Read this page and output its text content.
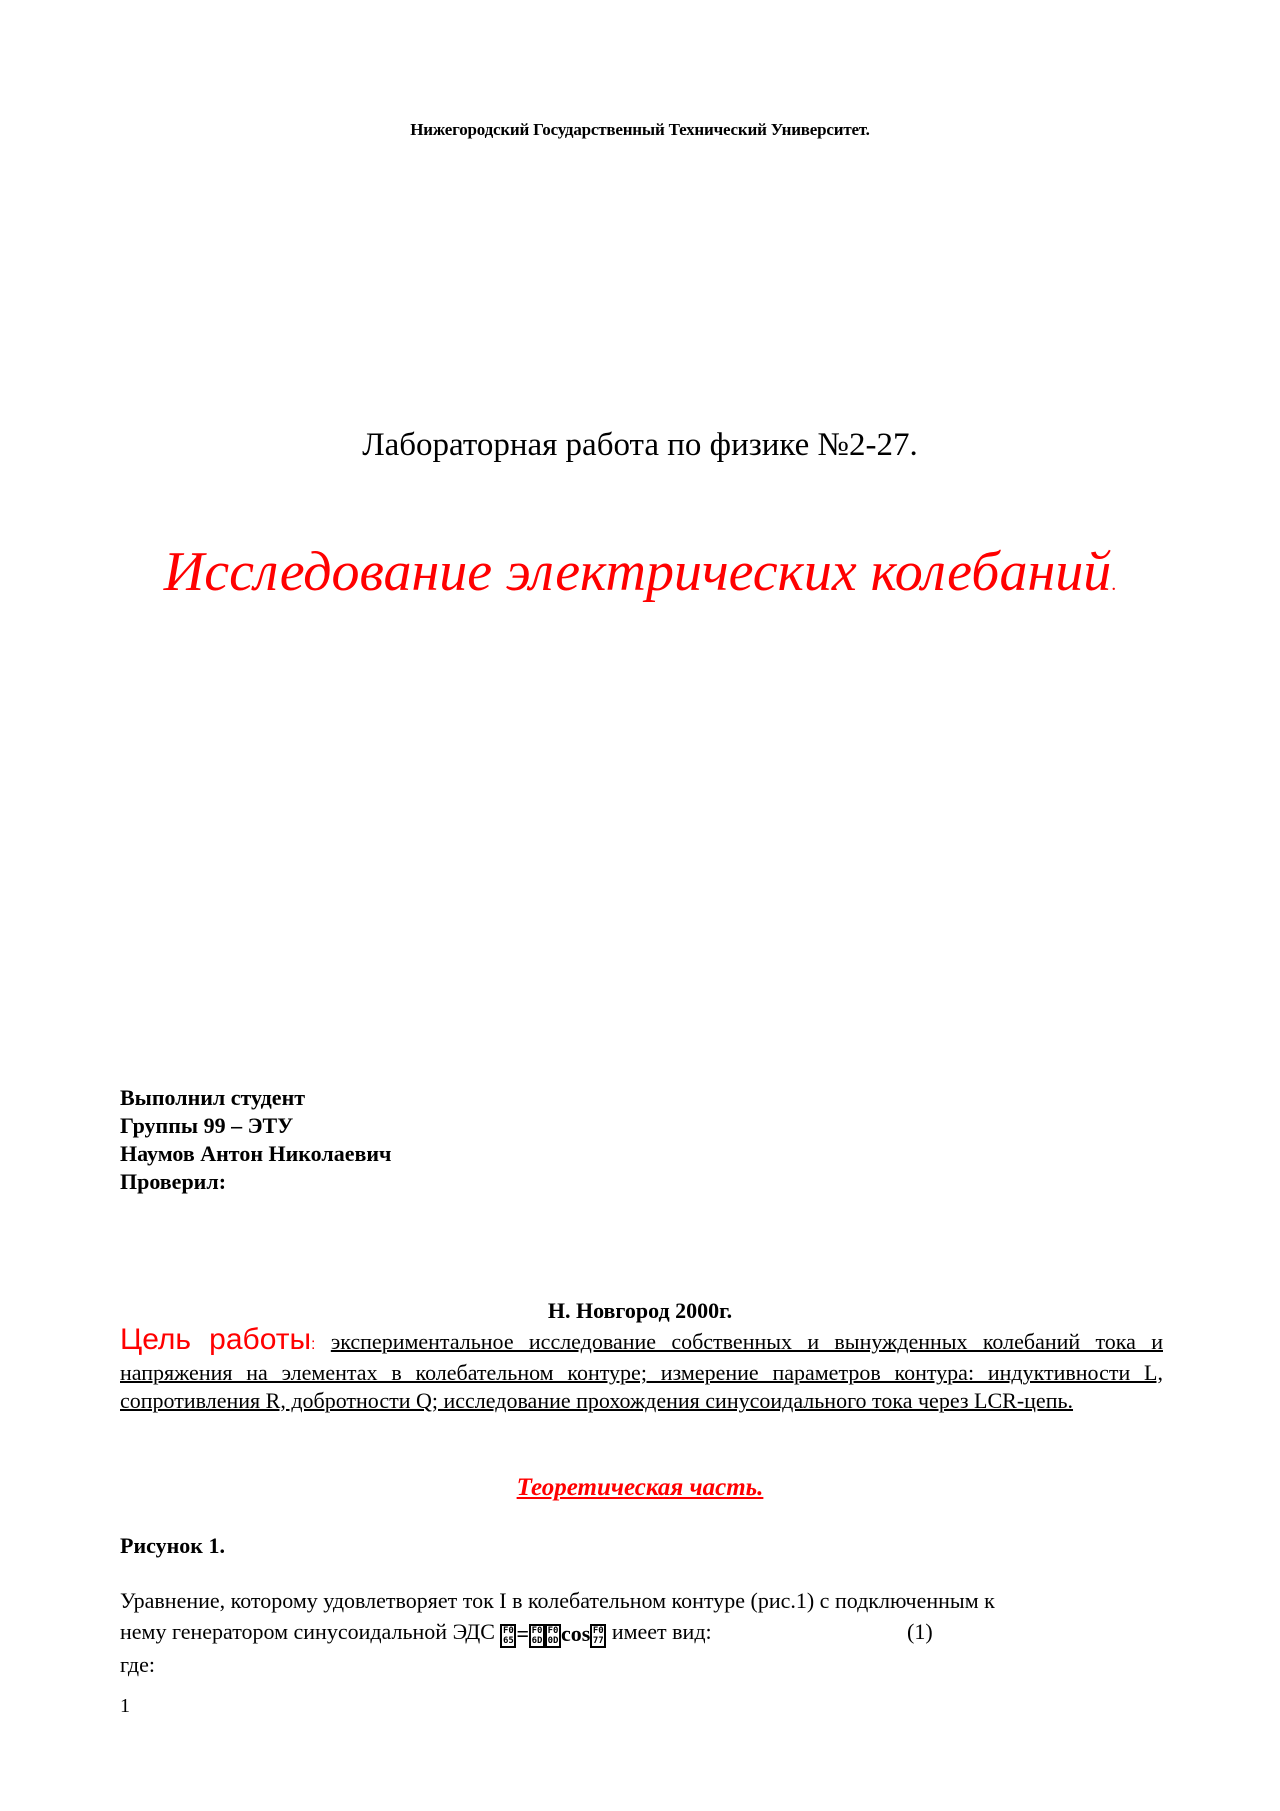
Нижегородский Государственный Технический Университет.
Лабораторная работа по физике №2-27.
Исследование электрических колебаний.
Выполнил студент
Группы 99 – ЭТУ
Наумов Антон Николаевич
Проверил:
Н. Новгород 2000г.
Цель работы: экспериментальное исследование собственных и вынужденных колебаний тока и напряжения на элементах в колебательном контуре; измерение параметров контура: индуктивности L, сопротивления R, добротности Q; исследование прохождения синусоидального тока через LCR-цепь.
Теоретическая часть.
Рисунок 1.
Уравнение, которому удовлетворяет ток I в колебательном контуре (рис.1) с подключенным к
нему генератором синусоидальной ЭДС F0 65 = F0 6DF0 0D cos F0 77 имеет вид:	(1)
где:
1
